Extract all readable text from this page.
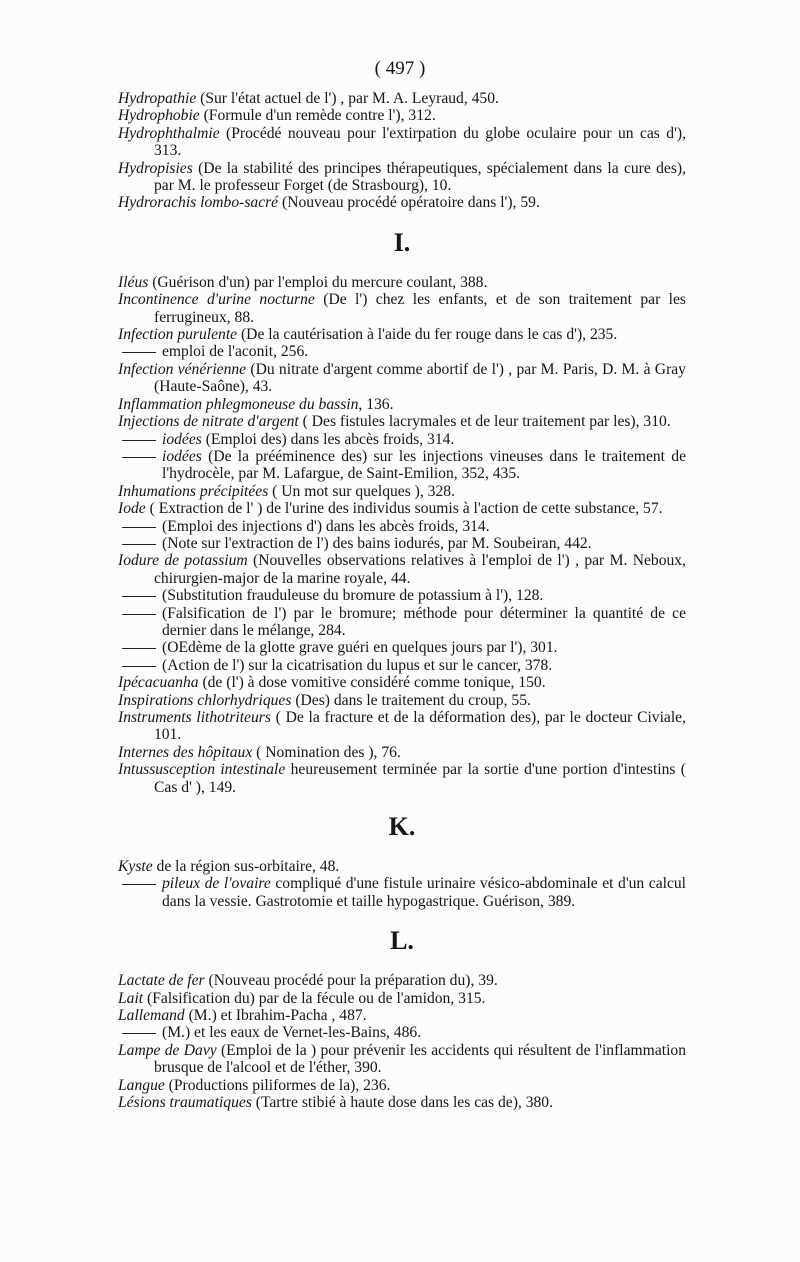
( 497 )
Hydropathie (Sur l'état actuel de l') , par M. A. Leyraud, 450.
Hydrophobie (Formule d'un remède contre l'), 312.
Hydrophthalmie (Procédé nouveau pour l'extirpation du globe oculaire pour un cas d'), 313.
Hydropisies (De la stabilité des principes thérapeutiques, spécialement dans la cure des), par M. le professeur Forget (de Strasbourg), 10.
Hydrorachis lombo-sacré (Nouveau procédé opératoire dans l'), 59.
I.
Iléus (Guérison d'un) par l'emploi du mercure coulant, 388.
Incontinence d'urine nocturne (De l') chez les enfants, et de son traitement par les ferrugineux, 88.
Infection purulente (De la cautérisation à l'aide du fer rouge dans le cas d'), 235.
emploi de l'aconit, 256.
Infection vénérienne (Du nitrate d'argent comme abortif de l') , par M. Paris, D. M. à Gray (Haute-Saône), 43.
Inflammation phlegmoneuse du bassin, 136.
Injections de nitrate d'argent ( Des fistules lacrymales et de leur traitement par les), 310.
iodées (Emploi des) dans les abcès froids, 314.
iodées (De la prééminence des) sur les injections vineuses dans le traitement de l'hydrocèle, par M. Lafargue, de Saint-Emilion, 352, 435.
Inhumations précipitées ( Un mot sur quelques ), 328.
Iode ( Extraction de l' ) de l'urine des individus soumis à l'action de cette substance, 57.
(Emploi des injections d') dans les abcès froids, 314.
(Note sur l'extraction de l') des bains iodurés, par M. Soubeiran, 442.
Iodure de potassium (Nouvelles observations relatives à l'emploi de l') , par M. Neboux, chirurgien-major de la marine royale, 44.
(Substitution frauduleuse du bromure de potassium à l'), 128.
(Falsification de l') par le bromure; méthode pour déterminer la quantité de ce dernier dans le mélange, 284.
(OEdème de la glotte grave guéri en quelques jours par l'), 301.
(Action de l') sur la cicatrisation du lupus et sur le cancer, 378.
Ipécacuanha (de (l') à dose vomitive considéré comme tonique, 150.
Inspirations chlorhydriques (Des) dans le traitement du croup, 55.
Instruments lithotriteurs ( De la fracture et de la déformation des), par le docteur Civiale, 101.
Internes des hôpitaux ( Nomination des ), 76.
Intussusception intestinale heureusement terminée par la sortie d'une portion d'intestins ( Cas d' ), 149.
K.
Kyste de la région sus-orbitaire, 48.
pileux de l'ovaire compliqué d'une fistule urinaire vésico-abdominale et d'un calcul dans la vessie. Gastrotomie et taille hypogastrique. Guérison, 389.
L.
Lactate de fer (Nouveau procédé pour la préparation du), 39.
Lait (Falsification du) par de la fécule ou de l'amidon, 315.
Lallemand (M.) et Ibrahim-Pacha , 487.
(M.) et les eaux de Vernet-les-Bains, 486.
Lampe de Davy (Emploi de la ) pour prévenir les accidents qui résultent de l'inflammation brusque de l'alcool et de l'éther, 390.
Langue (Productions piliformes de la), 236.
Lésions traumatiques (Tartre stibié à haute dose dans les cas de), 380.
